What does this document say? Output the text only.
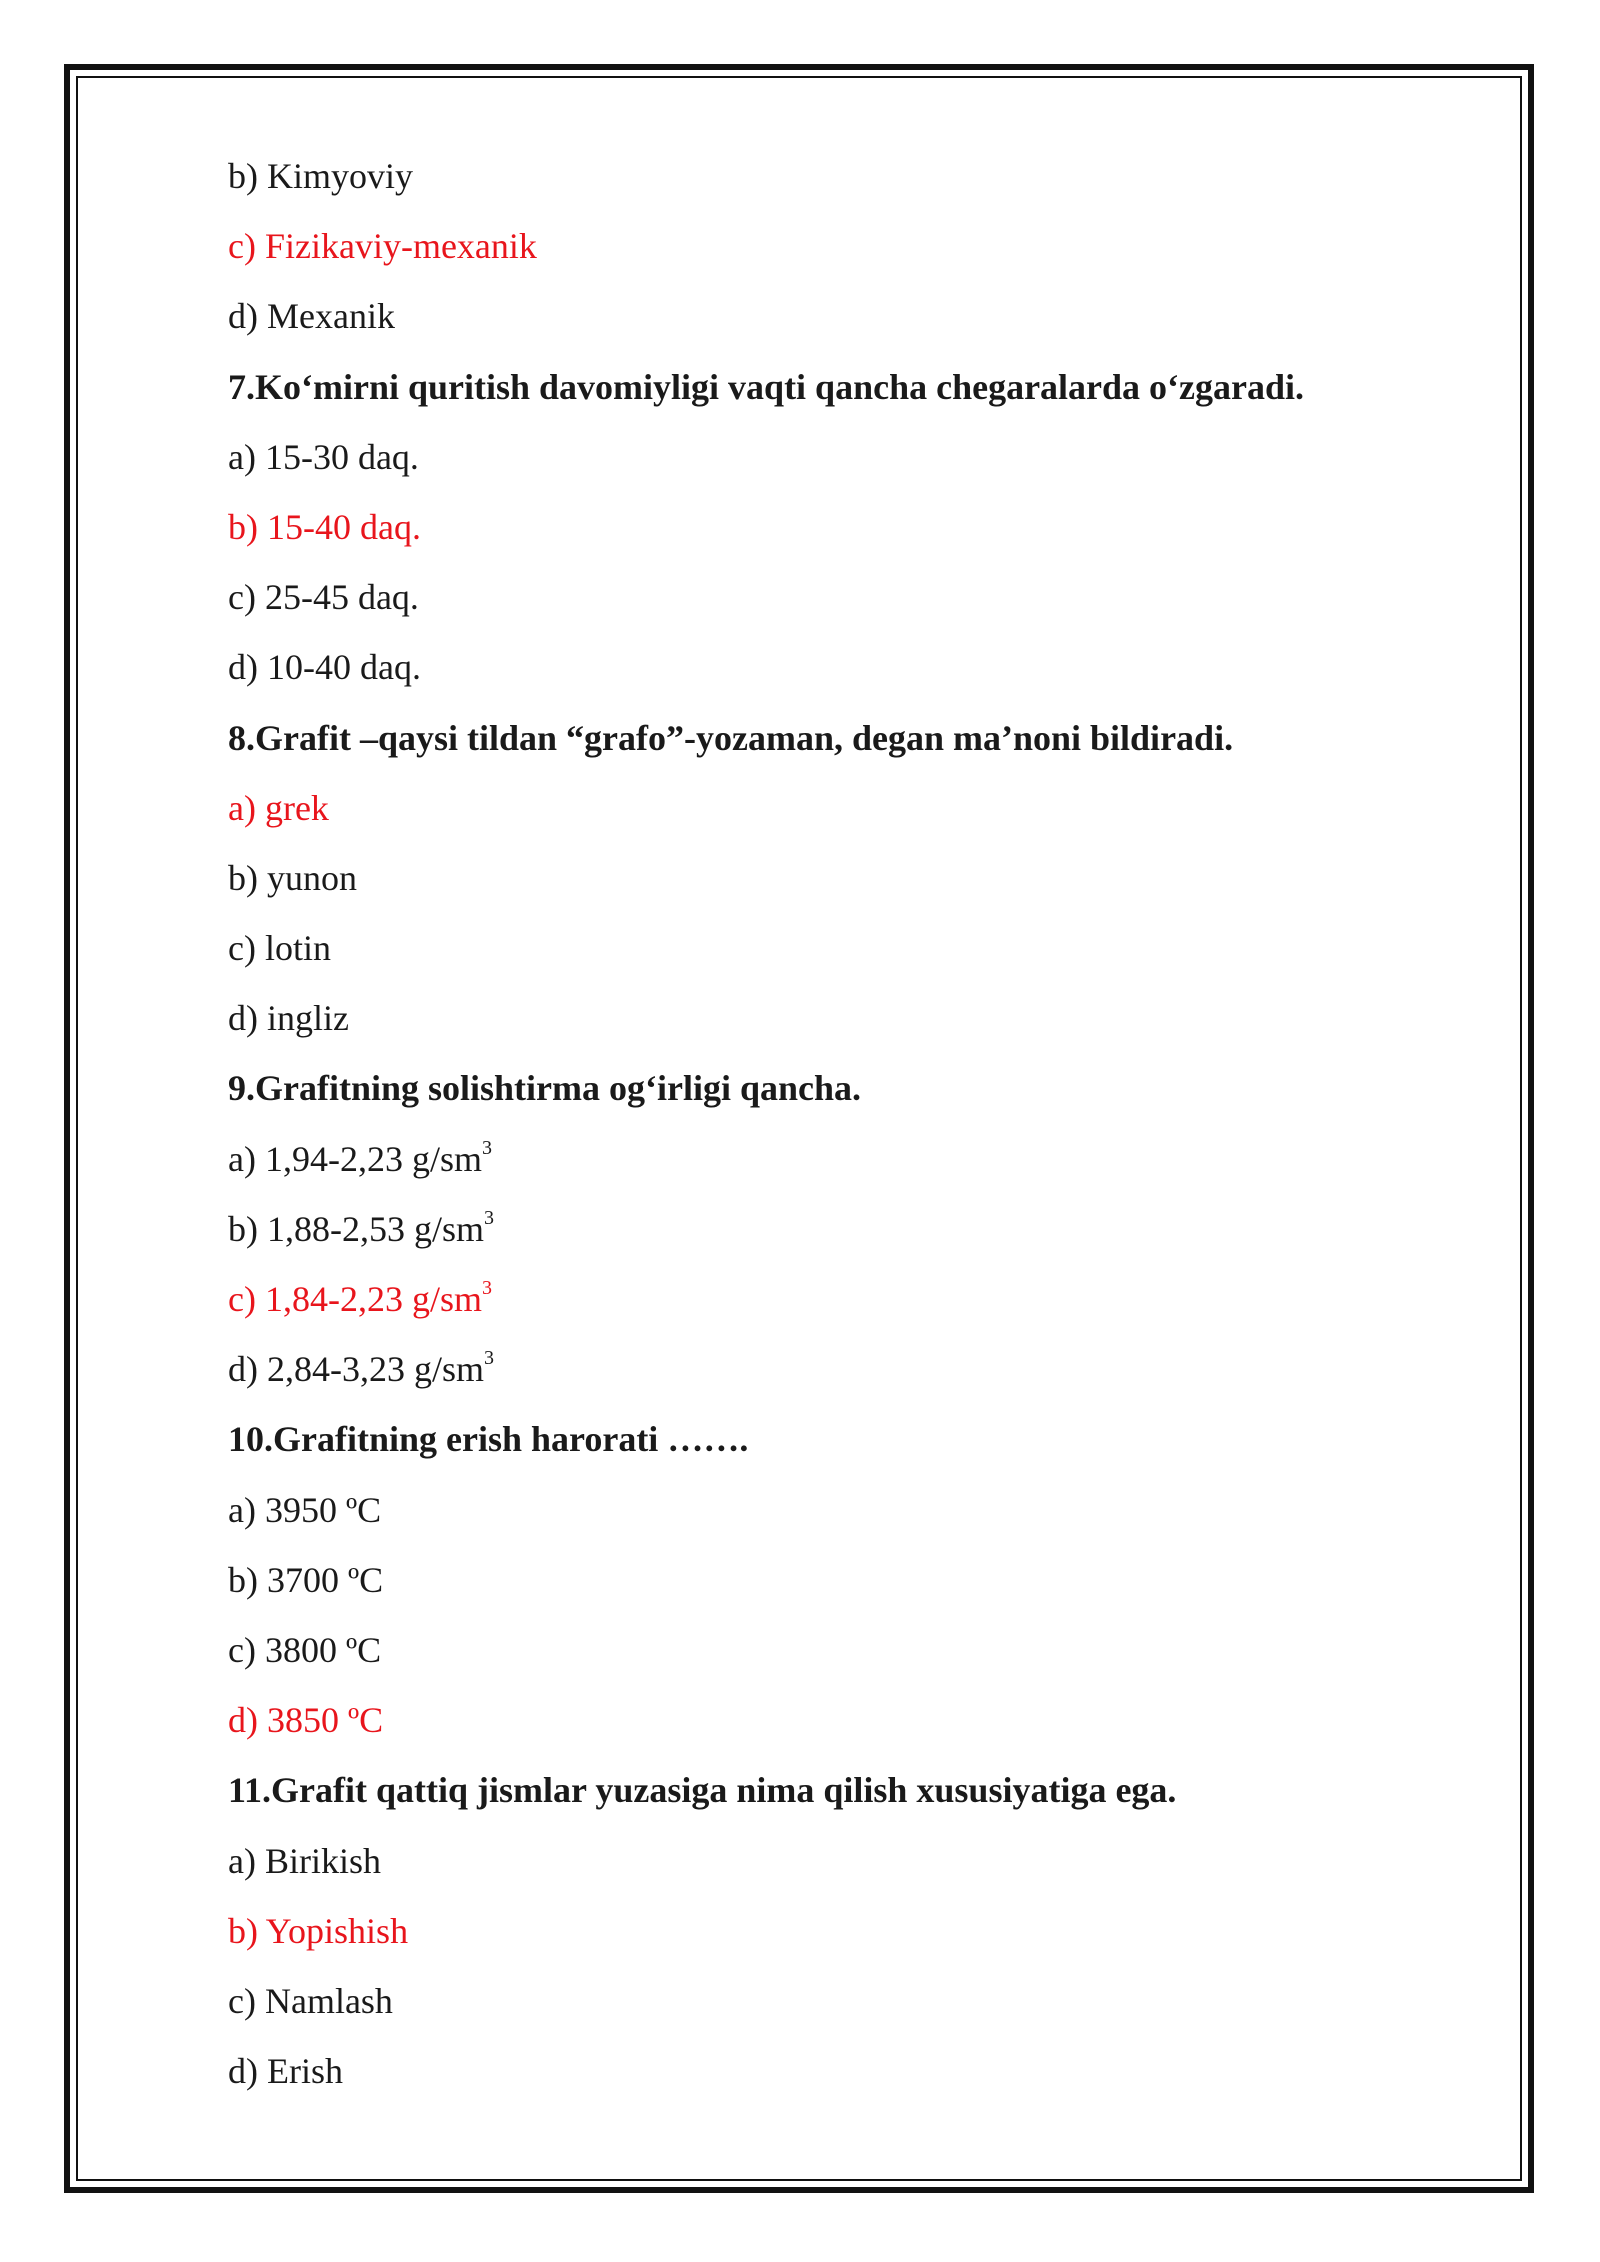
b) Kimyoviy
c) Fizikaviy-mexanik
d) Mexanik
7.Ko‘mirni quritish davomiyligi vaqti qancha chegaralarda o‘zgaradi.
a) 15-30 daq.
b) 15-40 daq.
c) 25-45 daq.
d) 10-40 daq.
8.Grafit –qaysi tildan “grafo”-yozaman, degan ma’noni bildiradi.
a) grek
b) yunon
c) lotin
d) ingliz
9.Grafitning solishtirma og‘irligi qancha.
a) 1,94-2,23 $g/sm^3$
b) 1,88-2,53 $g/sm^3$
c) 1,84-2,23 $g/sm^3$
d) 2,84-3,23 $g/sm^3$
10.Grafitning erish harorati …….
a) 3950 ºC
b) 3700 ºC
c) 3800 ºC
d) 3850 ºC
11.Grafit qattiq jismlar yuzasiga nima qilish xususiyatiga ega.
a) Birikish
b) Yopishish
c) Namlash
d) Erish
